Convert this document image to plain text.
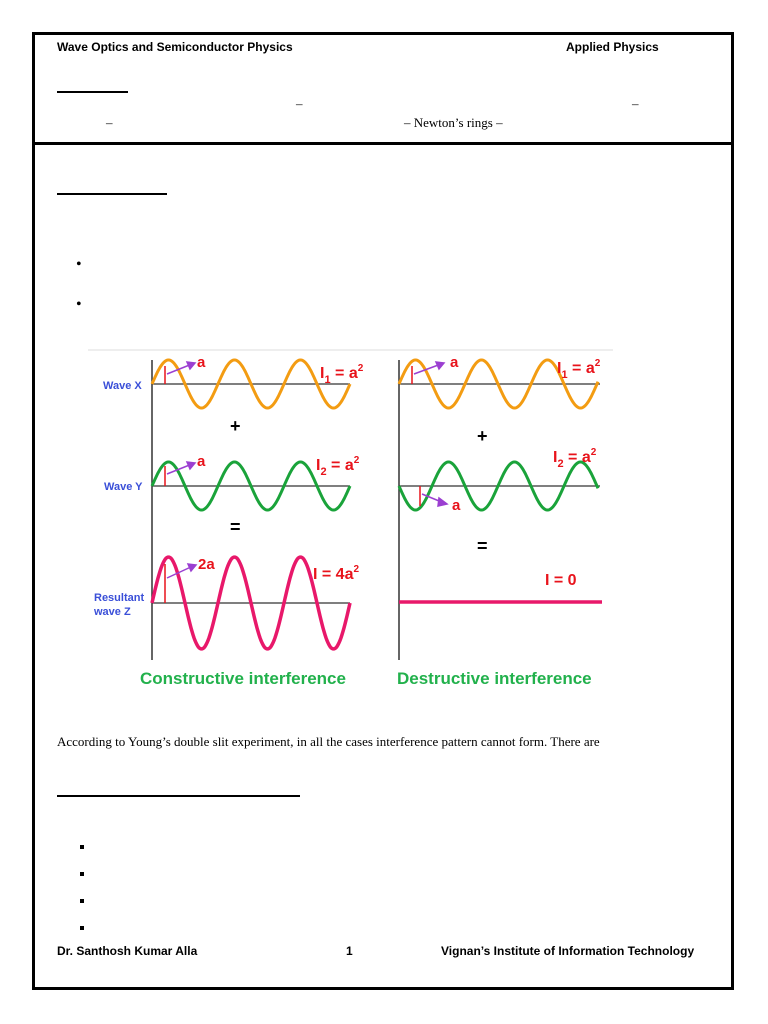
Wave Optics and Semiconductor Physics	Applied Physics
–	–
–	– Newton’s rings –
•
•
Wave X
Wave Y
Resultant
wave Z
a
a
2a
+
=
$I_1 = a^2$
$I_2 = a^2$
$I = 4a^2$
Constructive interference
a
a
+
=
$I_1 = a^2$
$I_2 = a^2$
I = 0
Destructive interference
According to Young’s double slit experiment, in all the cases interference pattern cannot form. There are
Dr. Santhosh Kumar Alla	1	Vignan’s Institute of Information Technology
